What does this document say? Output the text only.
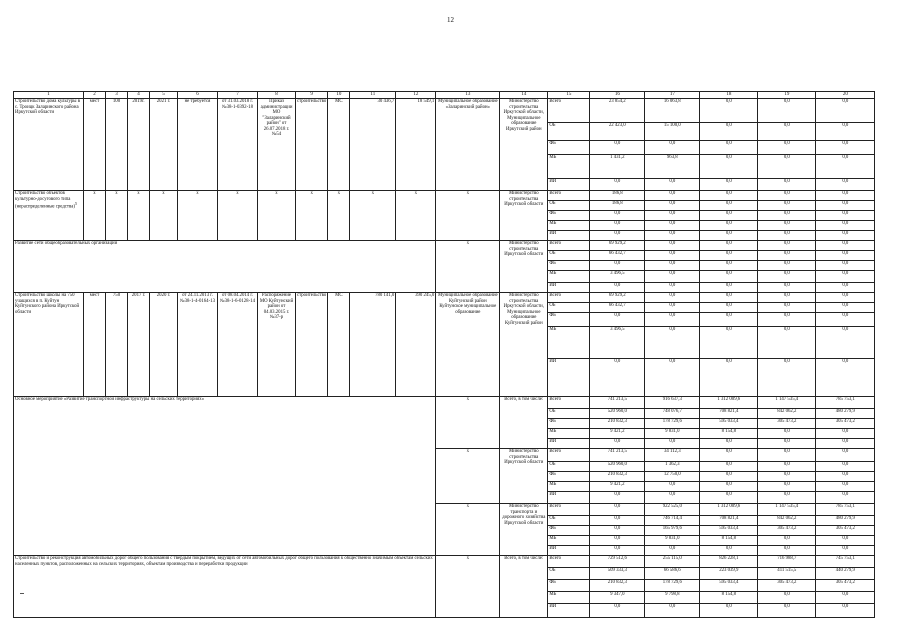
12
1	2	3	4	5	6	7	8	9	10	11	12	13	14	15	16	17	18	19	20
Строительство дома культуры в с. Троицк Заларинского района Иркутской области	мест	100	2019г.	2021 г.	не требуется	от 31.03.2018 г. №38-1-0392-18	Приказ администрации МО "Заларинский район" от 26.07.2018 г. №54	строительство	МС	30 436,7	18 549,1	Муниципальное образование «Заларинский район»	Министерство строительства Иркутской области, Муниципальное образование Иркутский район	Всего	23 854,2	16 063,8	0,0	0,0	0,0
														ОБ	22 423,0	15 100,0	0,0	0,0	0,0
														ФБ	0,0	0,0	0,0	0,0	0,0
														МБ	1 431,2	963,8	0,0	0,0	0,0
														ИИ	0,0	0,0	0,0	0,0	0,0
Строительство объектов культурно-досугового типа (нераспределенные средства)$^5$	х	х	х	х	х	х	х	х	х	х	х	х	Министерство строительства Иркутской области	Всего	186,8	0,0	0,0	0,0	0,0
														ОБ	186,8	0,0	0,0	0,0	0,0
														ФБ	0,0	0,0	0,0	0,0	0,0
														МБ	0,0	0,0	0,0	0,0	0,0
														ИИ	0,0	0,0	0,0	0,0	0,0
Развитие сети общеобразовательных организаций												х	Министерство строительства Иркутской области	Всего	69 929,2	0,0	0,0	0,0	0,0
														ОБ	66 432,7	0,0	0,0	0,0	0,0
														ФБ	0,0	0,0	0,0	0,0	0,0
														МБ	3 496,5	0,0	0,0	0,0	0,0
														ИИ	0,0	0,0	0,0	0,0	0,0
Строительство школы на 750 учащихся в п. Куйтун Куйтунского района Иркутской области	мест	750	2017 г.	2020 г.	от 24.11.2013 г. №38-1-4-0164-13	от 08.04.2014 г. №38-1-6-0128-14	Распоряжение МО Куйтунский район от 04.03.2015 г. №37-р	строительство	МС	780 141,0	390 245,0	Муниципальное образование Куйтунский район Куйтунское муниципальное образование	Министерство строительства Иркутской области, Муниципальное образование Куйтунский район	Всего	69 929,2	0,0	0,0	0,0	0,0
														ОБ	66 432,7	0,0	0,0	0,0	0,0
														ФБ	0,0	0,0	0,0	0,0	0,0
														МБ	3 496,5	0,0	0,0	0,0	0,0
														ИИ	0,0	0,0	0,0	0,0	0,0
Основное мероприятие «Развитие транспортной инфраструктуры на сельских территориях»												х	Всего, в том числе:	Всего	741 213,5	916 637,3	1 312 009,6	1 147 535,4	785 753,1
														ОБ	520 960,0	748 076,7	708 821,4	842 062,2	480 279,9
														ФБ	210 832,3	178 729,6	595 033,4	305 473,2	305 473,2
														МБ	9 421,2	9 831,0	8 154,8	0,0	0,0
														ИИ	0,0	0,0	0,0	0,0	0,0
												х	Министерство строительства Иркутской области	Всего	741 213,5	34 112,3	0,0	0,0	0,0
														ОБ	520 960,0	1 362,3	0,0	0,0	0,0
														ФБ	210 832,3	12 750,0	0,0	0,0	0,0
														МБ	9 421,2	0,0	0,0	0,0	0,0
														ИИ	0,0	0,0	0,0	0,0	0,0
												х	Министерство транспорта и дорожного хозяйства Иркутской области	Всего	0,0	922 525,0	1 312 009,6	1 147 535,4	785 753,1
														ОБ	0,0	746 714,4	708 821,4	842 062,2	480 279,9
														ФБ	0,0	165 979,6	595 033,4	305 473,2	305 473,2
														МБ	0,0	9 831,0	8 154,8	0,0	0,0
														ИИ	0,0	0,0	0,0	0,0	0,0
Строительство и реконструкция автомобильных дорог общего пользования с твердым покрытием, ведущих от сети автомобильных дорог общего пользования к общественно значимым объектам сельских населенных пунктов, расположенных на сельских территориях, объектам производства и переработки продукции												х	Всего, в том числе:	Всего	729 512,6	255 115,0	826 228,1	716 988,7	745 753,1
														ОБ	509 333,3	66 586,6	223 039,9	411 515,5	440 279,9
														ФБ	210 832,3	178 729,6	595 033,4	305 473,2	305 473,2
														МБ	9 347,0	9 798,8	8 154,8	0,0	0,0
														ИИ	0,0	0,0	0,0	0,0	0,0
